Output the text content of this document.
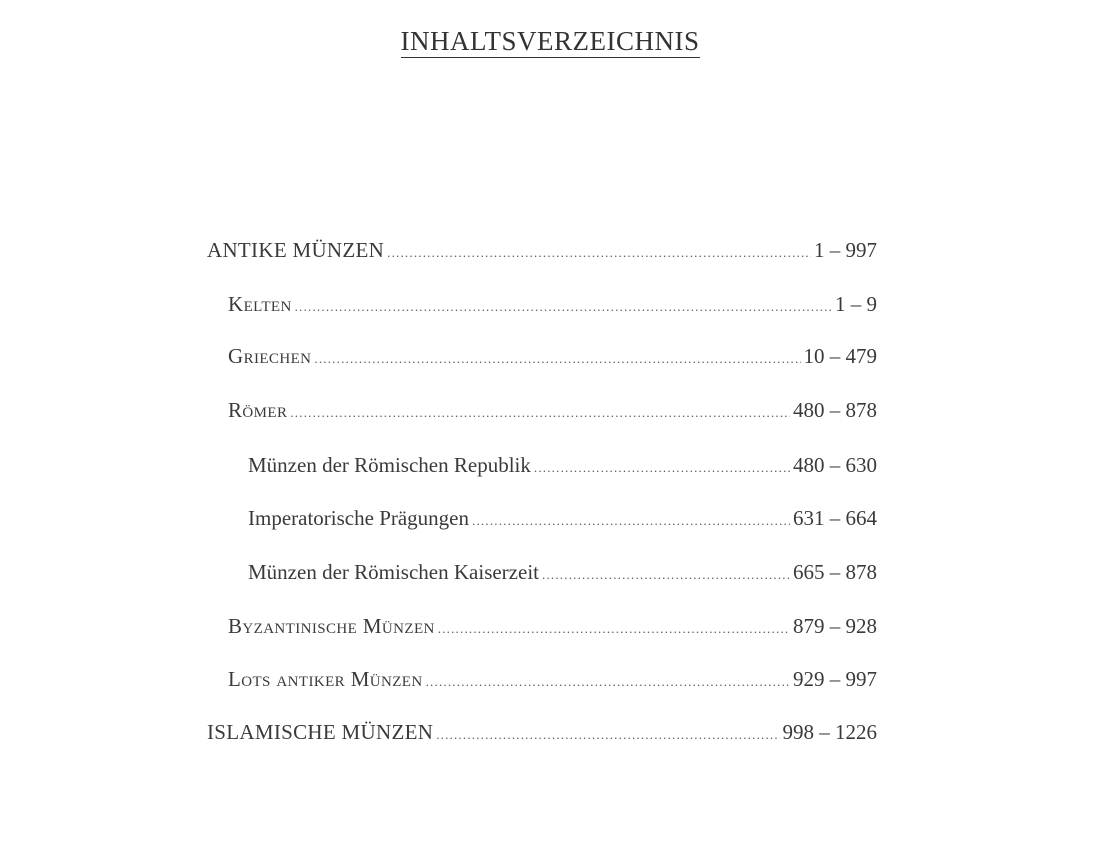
INHALTSVERZEICHNIS
ANTIKE MÜNZEN .....	1 – 997
Kelten .....	1 – 9
Griechen .....	10 – 479
Römer .....	480 – 878
Münzen der Römischen Republik .....	480 – 630
Imperatorische Prägungen .....	631 – 664
Münzen der Römischen Kaiserzeit .....	665 – 878
Byzantinische Münzen .....	879 – 928
Lots antiker Münzen .....	929 – 997
ISLAMISCHE MÜNZEN .....	998 – 1226
